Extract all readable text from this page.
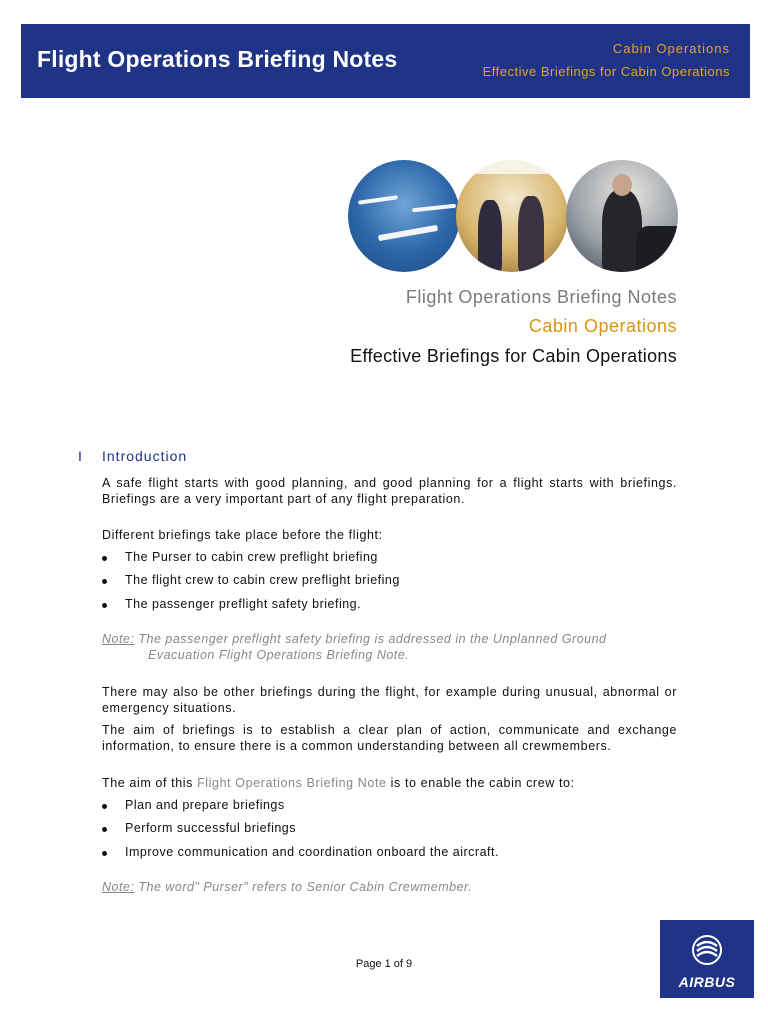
Flight Operations Briefing Notes	Cabin Operations
Effective Briefings for Cabin Operations
Flight Operations Briefing Notes
Cabin Operations
Effective Briefings for Cabin Operations
I Introduction
A safe flight starts with good planning, and good planning for a flight starts with briefings. Briefings are a very important part of any flight preparation.
Different briefings take place before the flight:
The Purser to cabin crew preflight briefing
The flight crew to cabin crew preflight briefing
The passenger preflight safety briefing.
Note: The passenger preflight safety briefing is addressed in the Unplanned Ground
Evacuation Flight Operations Briefing Note.
There may also be other briefings during the flight, for example during unusual, abnormal or emergency situations.
The aim of briefings is to establish a clear plan of action, communicate and exchange information, to ensure there is a common understanding between all crewmembers.
The aim of this Flight Operations Briefing Note is to enable the cabin crew to:
Plan and prepare briefings
Perform successful briefings
Improve communication and coordination onboard the aircraft.
Note: The word" Purser" refers to Senior Cabin Crewmember.
Page 1 of 9
AIRBUS
